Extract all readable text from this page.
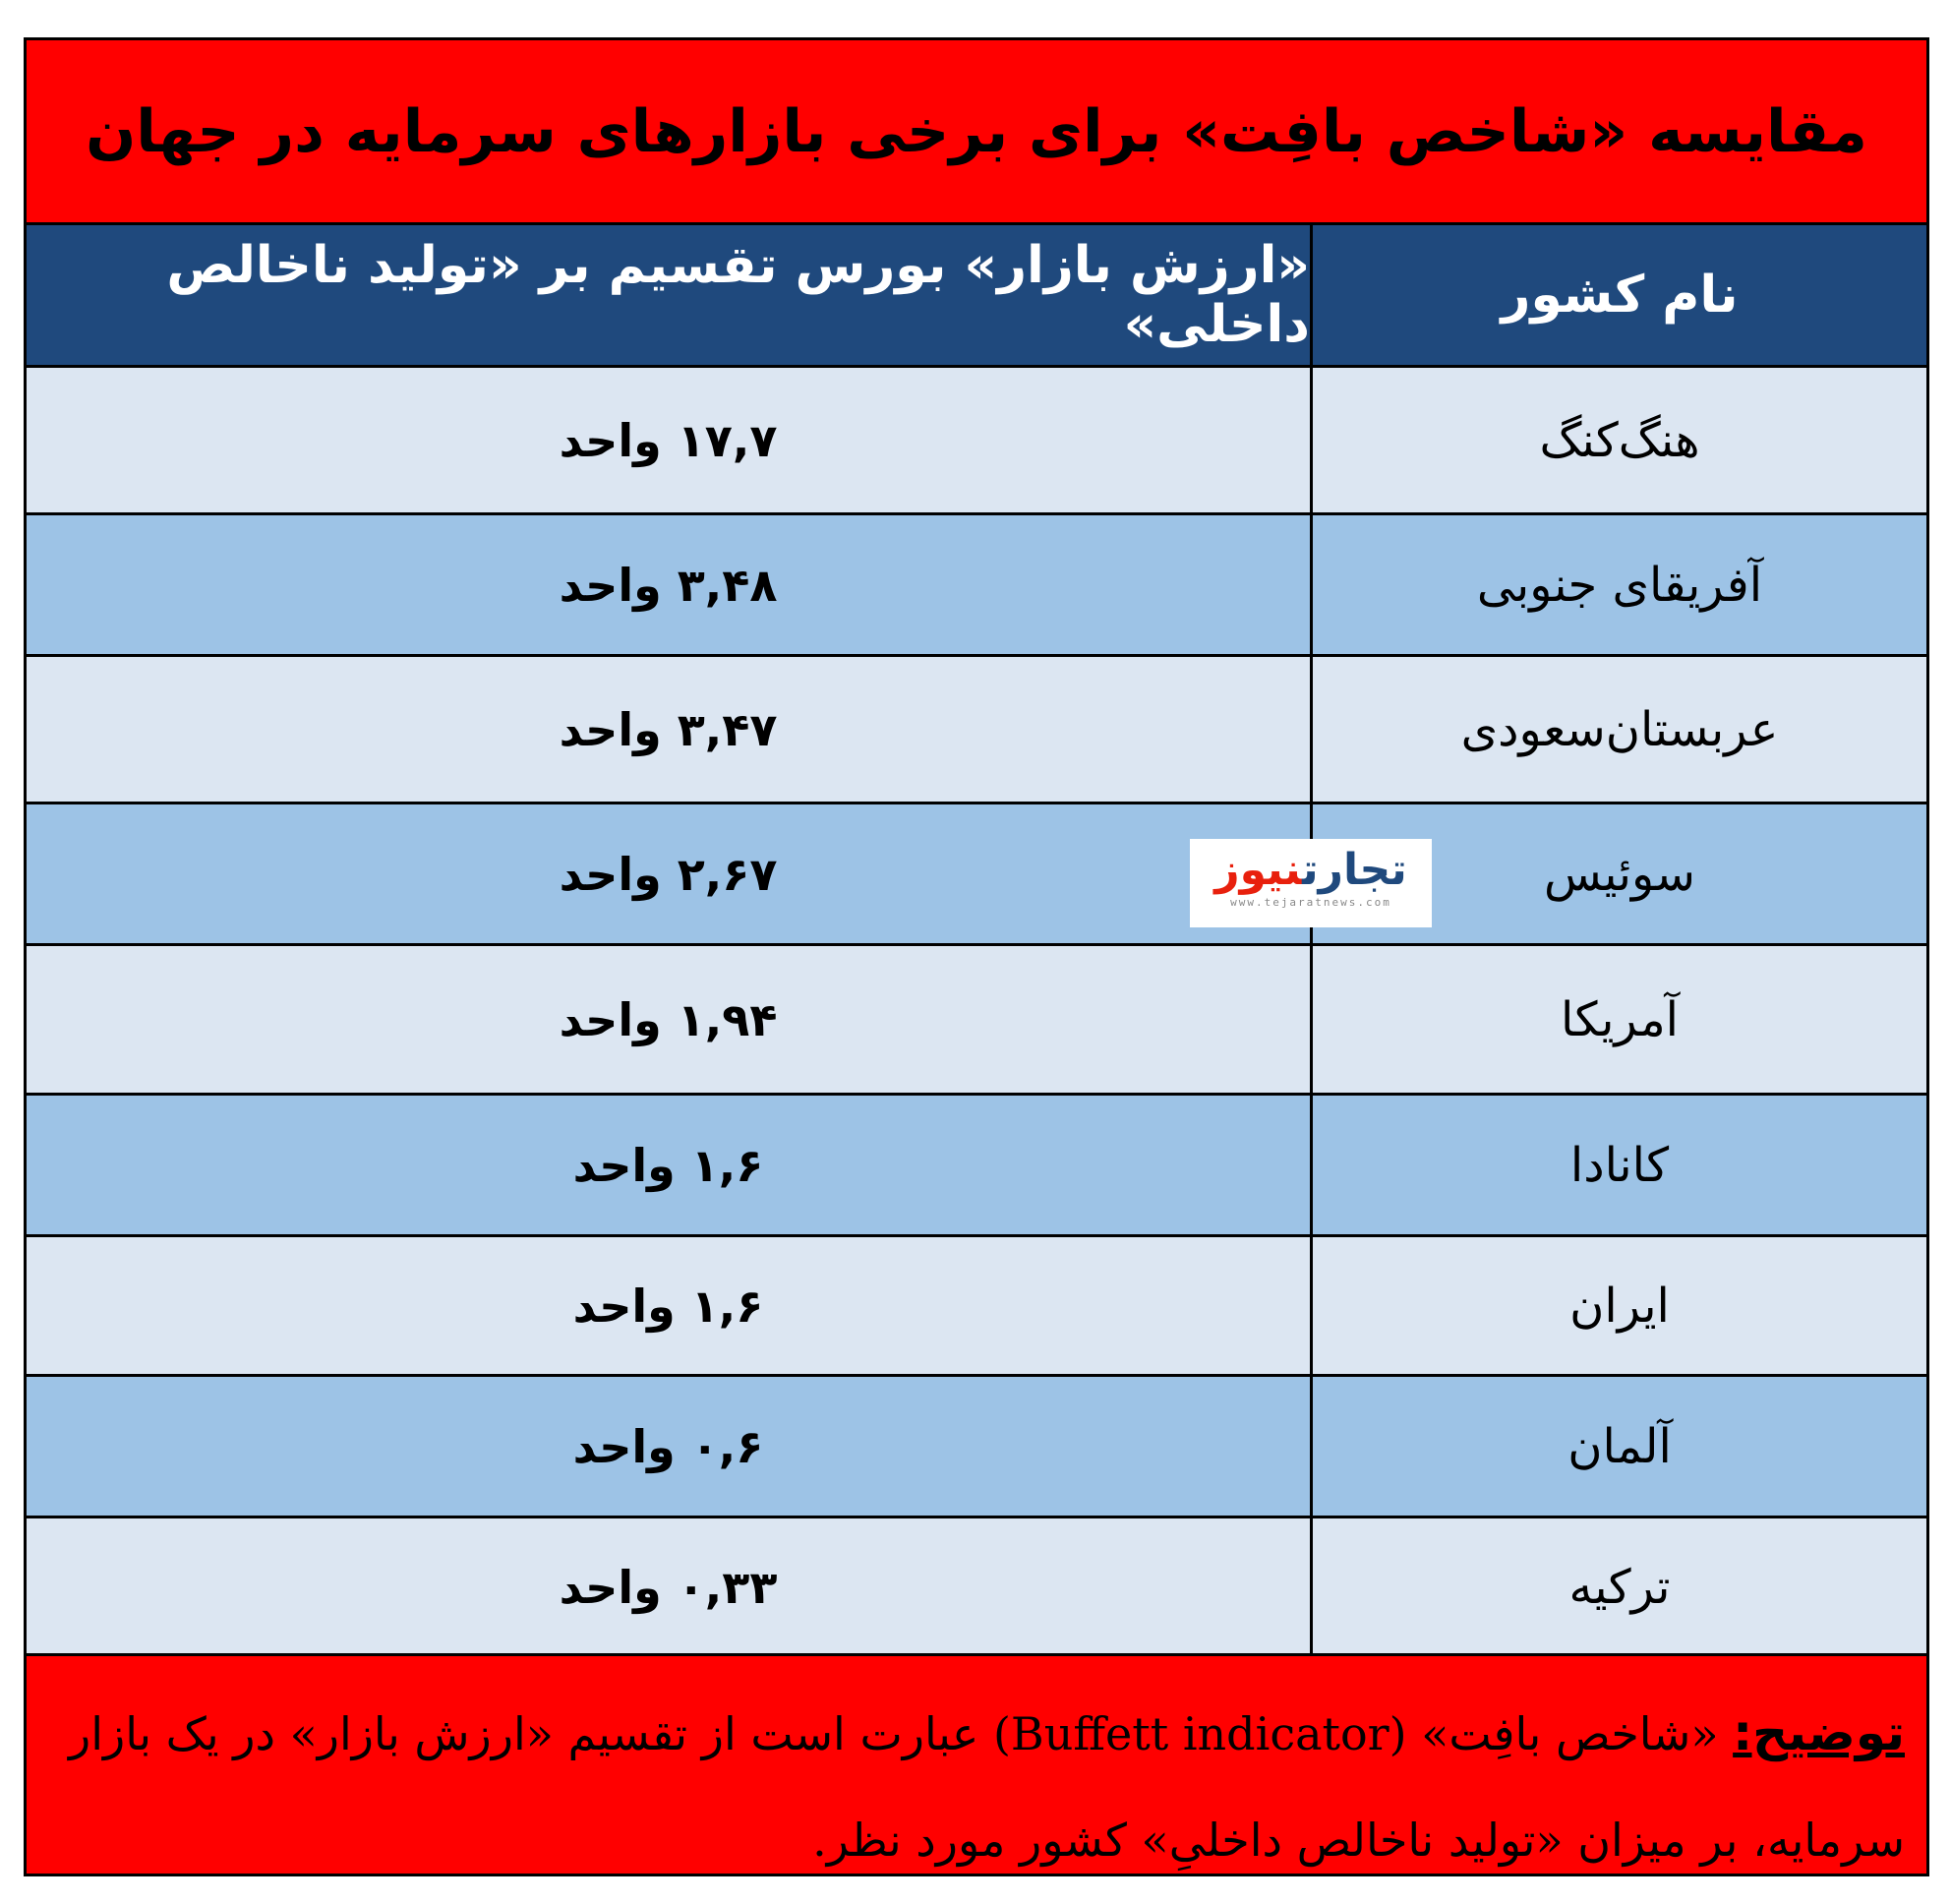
مقایسه «شاخص بافِت» برای برخی بازارهای سرمایه در جهان
نام کشور
«ارزش بازار» بورس تقسیم بر «تولید ناخالص داخلی»
هنگ‌کنگ
۱۷,۷ واحد
آفریقای جنوبی
۳,۴۸ واحد
عربستان‌سعودی
۳,۴۷ واحد
سوئیس
۲,۶۷ واحد
آمریکا
۱,۹۴ واحد
کانادا
۱,۶ واحد
ایران
۱,۶ واحد
آلمان
۰,۶ واحد
ترکیه
۰,۳۳ واحد
تجارتنیوز
www.tejaratnews.com

توضیح: «شاخص بافِت» (Buffett indicator) عبارت است از تقسیم «ارزش بازار» در یک بازار سرمایه، بر میزان «تولید ناخالص داخلیِ» کشور مورد نظر.
